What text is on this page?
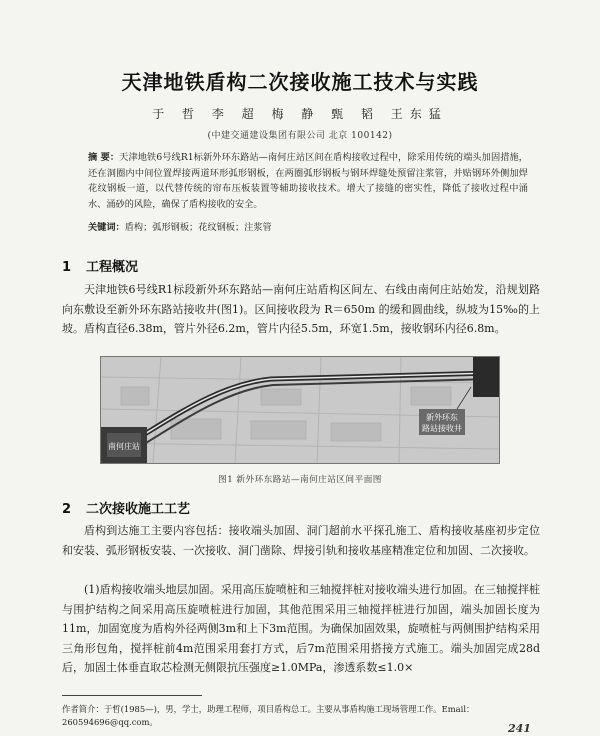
天津地铁盾构二次接收施工技术与实践
于 哲 李 超 梅 静 甄 韬 王东猛
(中建交通建设集团有限公司 北京 100142)
摘 要：天津地铁6号线R1标新外环东路站—南何庄站区间在盾构接收过程中，除采用传统的端头加固措施，还在洞圈内中间位置焊接两道环形弧形钢板，在两圈弧形钢板与钢环焊缝处预留注浆管，并贴钢环外侧加焊花纹钢板一道，以代替传统的帘布压板装置等辅助接收技术。增大了接缝的密实性，降低了接收过程中涌水、涌砂的风险，确保了盾构接收的安全。
关键词：盾构；弧形钢板；花纹钢板；注浆管
1 工程概况
天津地铁6号线R1标段新外环东路站—南何庄站盾构区间左、右线由南何庄站始发，沿规划路向东敷设至新外环东路站接收井(图1)。区间接收段为 R＝650m 的缓和圆曲线，纵坡为15‰的上坡。盾构直径6.38m，管片外径6.2m，管片内径5.5m，环宽1.5m，接收钢环内径6.8m。
南何庄站
新外环东
路站接收井
图1 新外环东路站—南何庄站区间平面图
2 二次接收施工工艺
盾构到达施工主要内容包括：接收端头加固、洞门超前水平探孔施工、盾构接收基座初步定位和安装、弧形钢板安装、一次接收、洞门凿除、焊接引轨和接收基座精准定位和加固、二次接收。
(1)盾构接收端头地层加固。采用高压旋喷桩和三轴搅拌桩对接收端头进行加固。在三轴搅拌桩与围护结构之间采用高压旋喷桩进行加固，其他范围采用三轴搅拌桩进行加固，端头加固长度为11m，加固宽度为盾构外径两侧3m和上下3m范围。为确保加固效果，旋喷桩与两侧围护结构采用三角形包角，搅拌桩前4m范围采用套打方式，后7m范围采用搭接方式施工。端头加固完成28d后，加固土体垂直取芯检测无侧限抗压强度≥1.0MPa，渗透系数≤1.0×
作者简介：于哲(1985—)，男，学士，助理工程师，项目盾构总工。主要从事盾构施工现场管理工作。Email：260594696@qq.com。	241
